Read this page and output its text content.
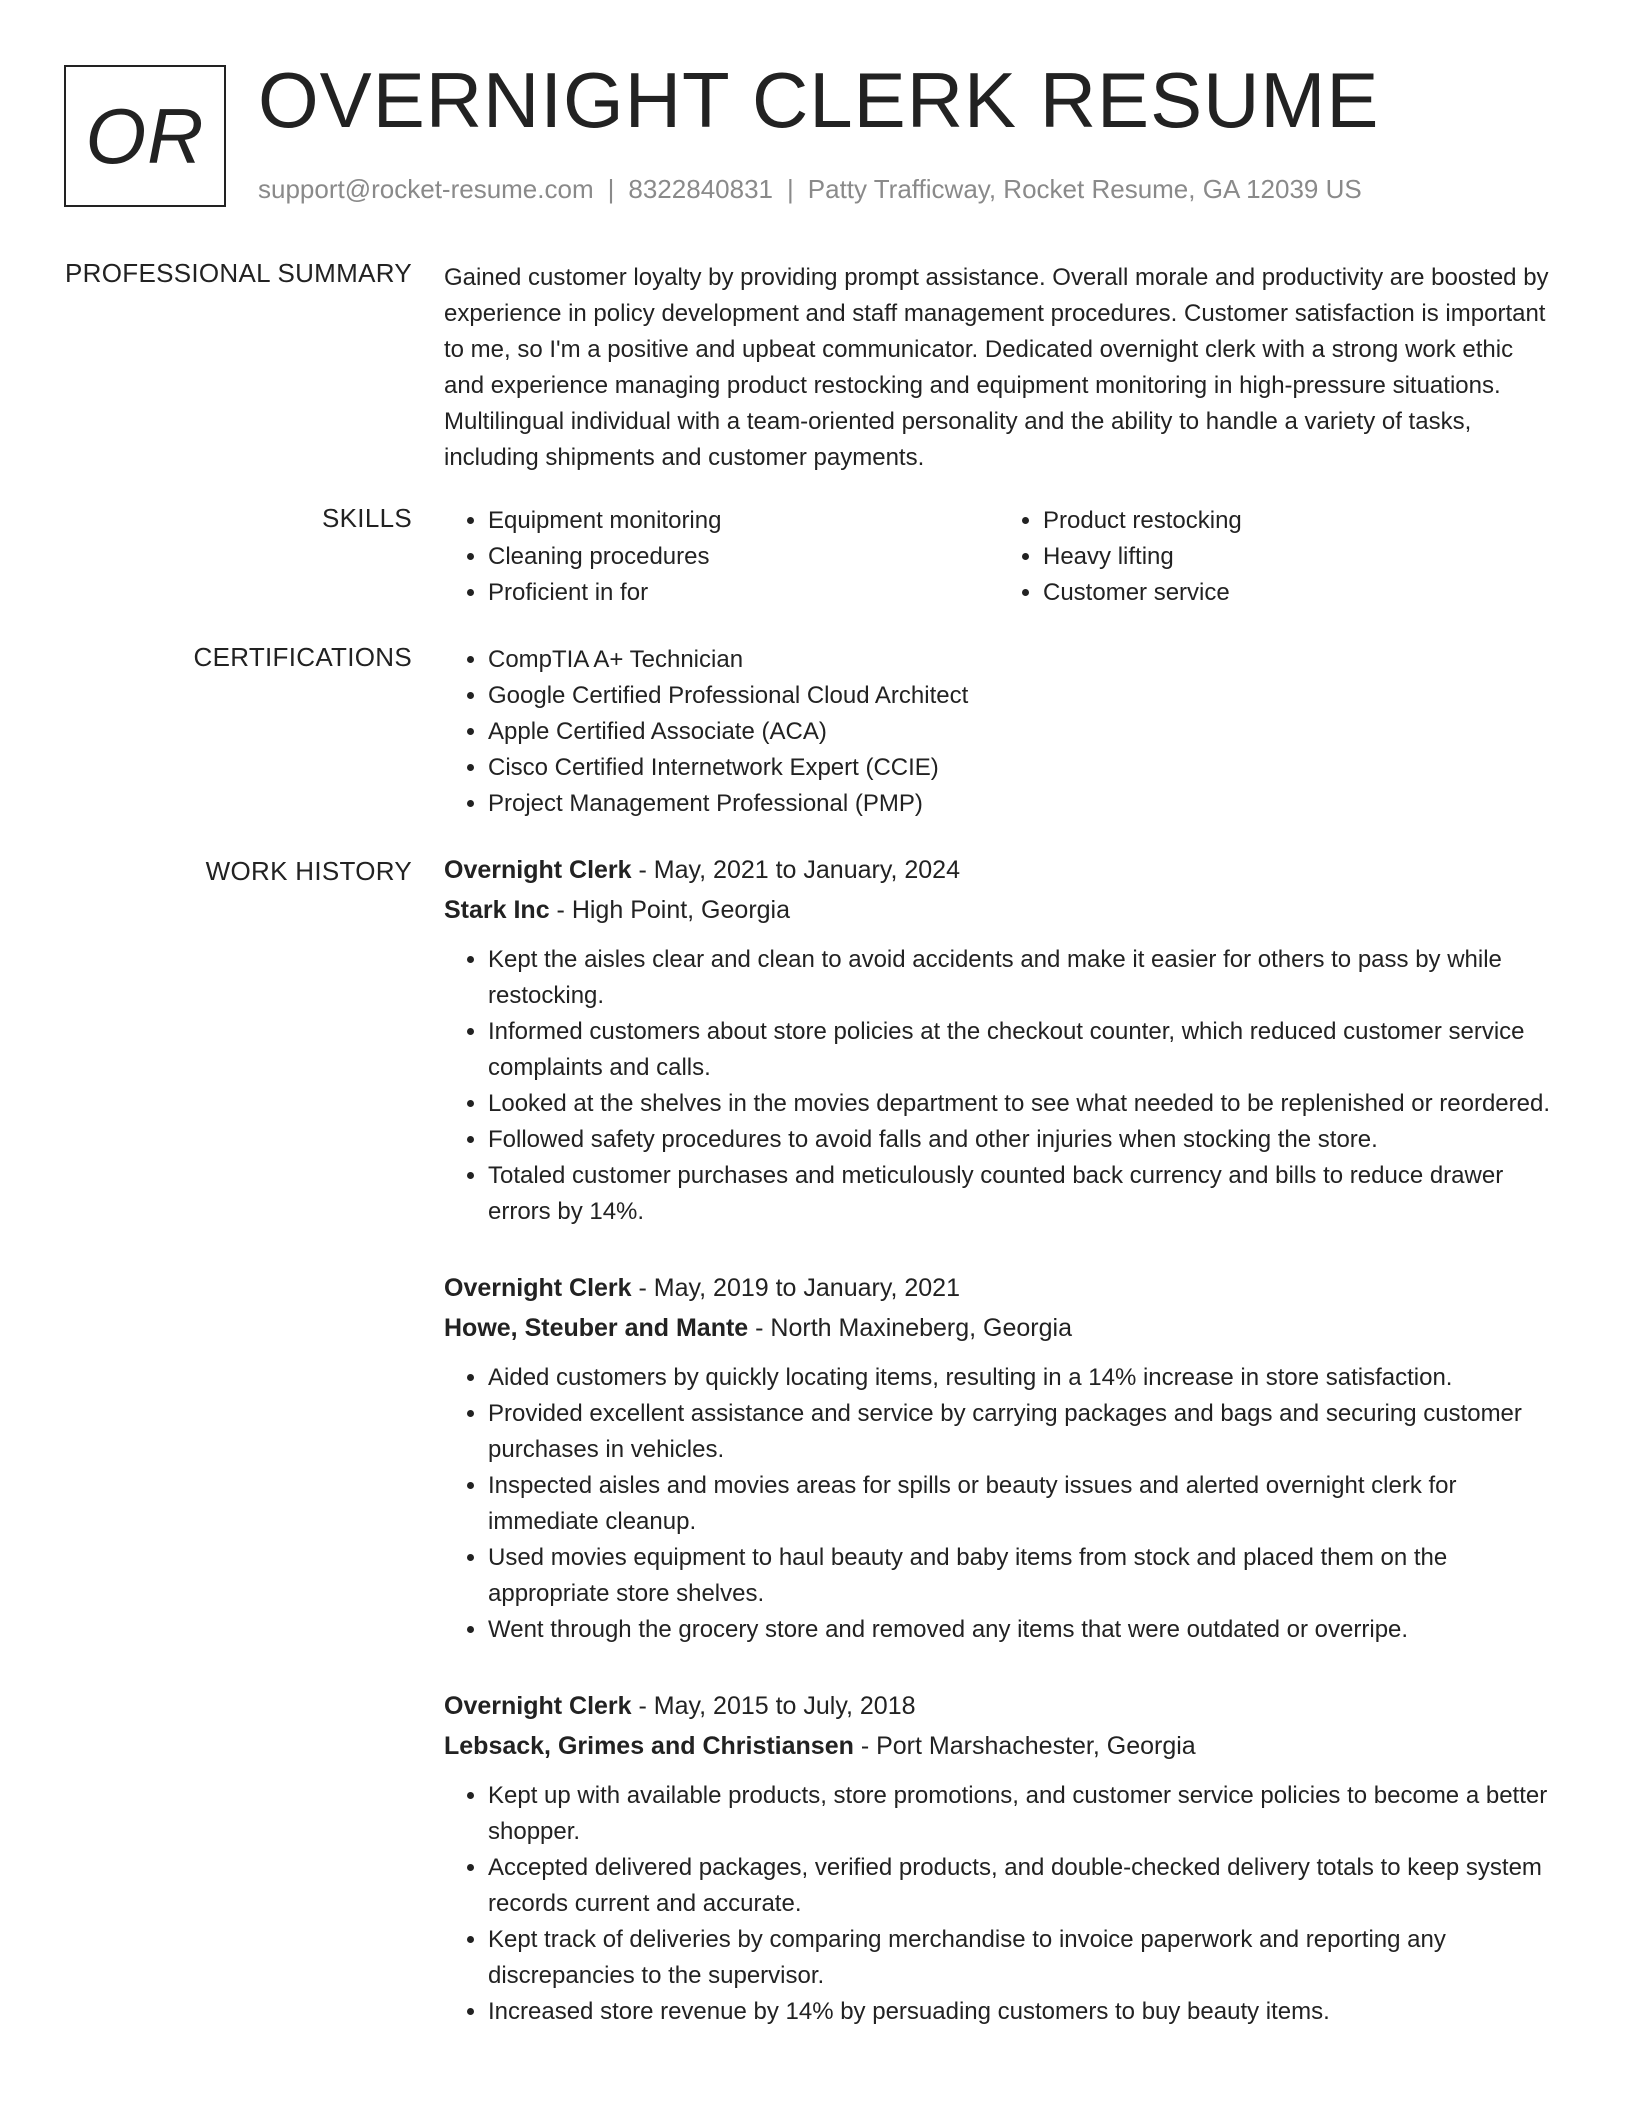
OR OVERNIGHT CLERK RESUME
support@rocket-resume.com | 8322840831 | Patty Trafficway, Rocket Resume, GA 12039 US
PROFESSIONAL SUMMARY Gained customer loyalty by providing prompt assistance. Overall morale and productivity are boosted by experience in policy development and staff management procedures. Customer satisfaction is important to me, so I'm a positive and upbeat communicator. Dedicated overnight clerk with a strong work ethic and experience managing product restocking and equipment monitoring in high-pressure situations. Multilingual individual with a team-oriented personality and the ability to handle a variety of tasks, including shipments and customer payments.

SKILLS	• Equipment monitoring
• Cleaning procedures
• Proficient in for
• Product restocking
• Heavy lifting
• Customer service
CERTIFICATIONS	• CompTIA A+ Technician
• Google Certified Professional Cloud Architect
• Apple Certified Associate (ACA)
• Cisco Certified Internetwork Expert (CCIE)
• Project Management Professional (PMP)
WORK HISTORY Overnight Clerk - May, 2021 to January, 2024

Stark Inc - High Point, Georgia

• Kept the aisles clear and clean to avoid accidents and make it easier for others to pass by while restocking.
• Informed customers about store policies at the checkout counter, which reduced customer service complaints and calls.
• Looked at the shelves in the movies department to see what needed to be replenished or reordered.
• Followed safety procedures to avoid falls and other injuries when stocking the store.
• Totaled customer purchases and meticulously counted back currency and bills to reduce drawer errors by 14%.

Overnight Clerk - May, 2019 to January, 2021

Howe, Steuber and Mante - North Maxineberg, Georgia

• Aided customers by quickly locating items, resulting in a 14% increase in store satisfaction.
• Provided excellent assistance and service by carrying packages and bags and securing customer purchases in vehicles.
• Inspected aisles and movies areas for spills or beauty issues and alerted overnight clerk for immediate cleanup.
• Used movies equipment to haul beauty and baby items from stock and placed them on the appropriate store shelves.
• Went through the grocery store and removed any items that were outdated or overripe.

Overnight Clerk - May, 2015 to July, 2018

Lebsack, Grimes and Christiansen - Port Marshachester, Georgia

• Kept up with available products, store promotions, and customer service policies to become a better shopper.
• Accepted delivered packages, verified products, and double-checked delivery totals to keep system records current and accurate.
• Kept track of deliveries by comparing merchandise to invoice paperwork and reporting any discrepancies to the supervisor.
• Increased store revenue by 14% by persuading customers to buy beauty items.
